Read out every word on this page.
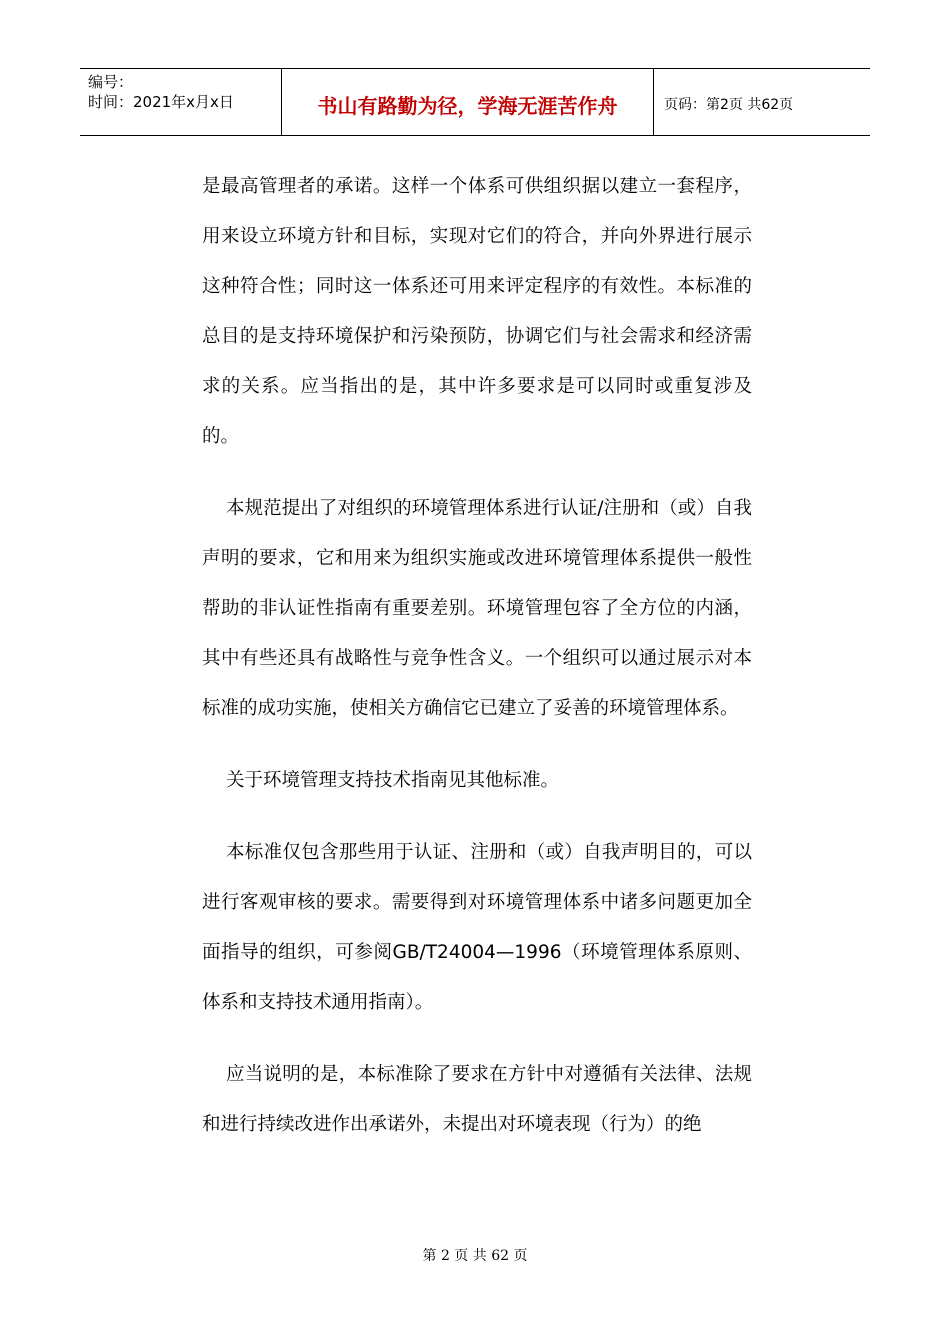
编号：
时间：2021年x月x日	书山有路勤为径，学海无涯苦作舟	页码：第2页 共62页

是最高管理者的承诺。这样一个体系可供组织据以建立一套程序，用来设立环境方针和目标，实现对它们的符合，并向外界进行展示这种符合性；同时这一体系还可用来评定程序的有效性。本标准的总目的是支持环境保护和污染预防，协调它们与社会需求和经济需求的关系。应当指出的是，其中许多要求是可以同时或重复涉及的。

本规范提出了对组织的环境管理体系进行认证/注册和（或）自我声明的要求，它和用来为组织实施或改进环境管理体系提供一般性帮助的非认证性指南有重要差别。环境管理包容了全方位的内涵，其中有些还具有战略性与竞争性含义。一个组织可以通过展示对本标准的成功实施，使相关方确信它已建立了妥善的环境管理体系。

关于环境管理支持技术指南见其他标准。

本标准仅包含那些用于认证、注册和（或）自我声明目的，可以进行客观审核的要求。需要得到对环境管理体系中诸多问题更加全面指导的组织，可参阅GB/T24004—1996（环境管理体系原则、体系和支持技术通用指南）。

应当说明的是，本标准除了要求在方针中对遵循有关法律、法规和进行持续改进作出承诺外，未提出对环境表现（行为）的绝

第 2 页 共 62 页
